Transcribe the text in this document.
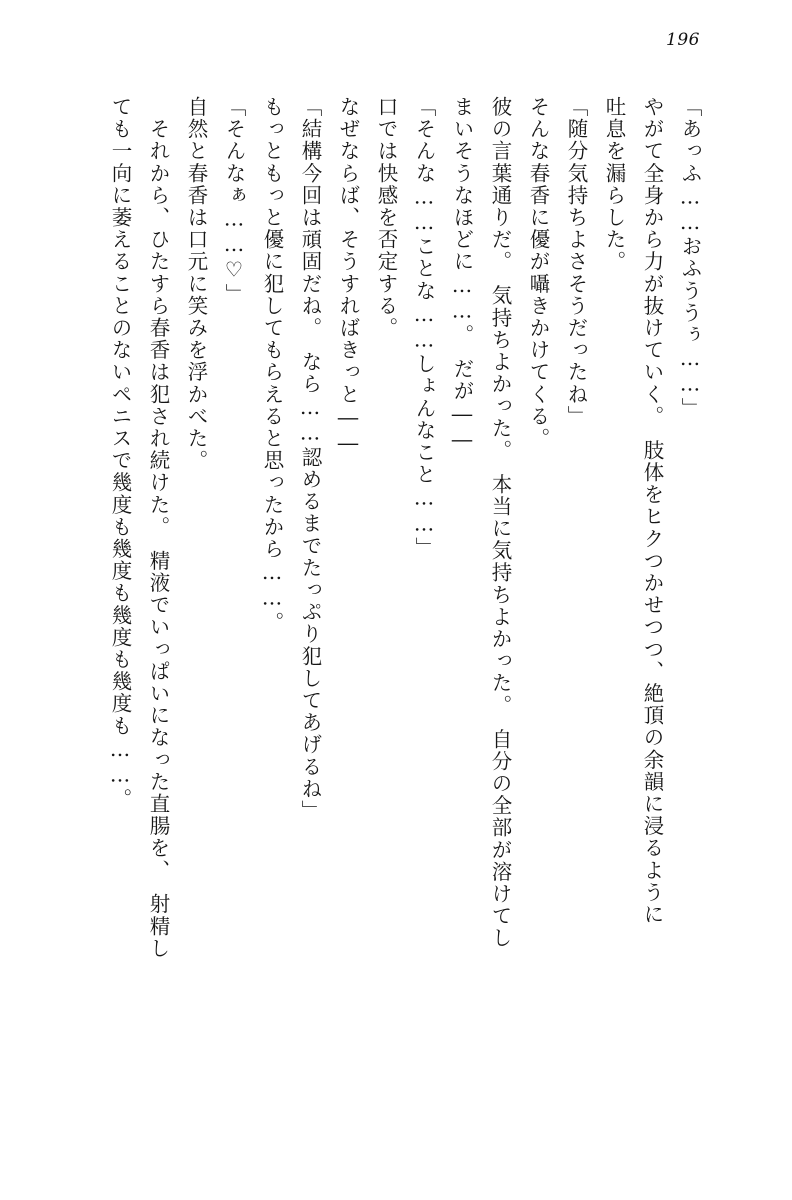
196
「あっふ……おふううぅ……」
やがて全身から力が抜けていく。　肢体をヒクつかせつつ、絶頂の余韻に浸るように
吐息を漏らした。
「随分気持ちよさそうだったね」
そんな春香に優が囁きかけてくる。
彼の言葉通りだ。　気持ちよかった。　本当に気持ちよかった。　自分の全部が溶けてし
まいそうなほどに……。　だが――
「そんな……ことな……しょんなこと……」
口では快感を否定する。
なぜならば、そうすればきっと――
「結構今回は頑固だね。　なら……認めるまでたっぷり犯してあげるね」
もっともっと優に犯してもらえると思ったから……。
「そんなぁ……♡」
自然と春香は口元に笑みを浮かべた。
　それから、ひたすら春香は犯され続けた。　精液でいっぱいになった直腸を、　射精し
ても一向に萎えることのないペニスで幾度も幾度も幾度も幾度も……。
